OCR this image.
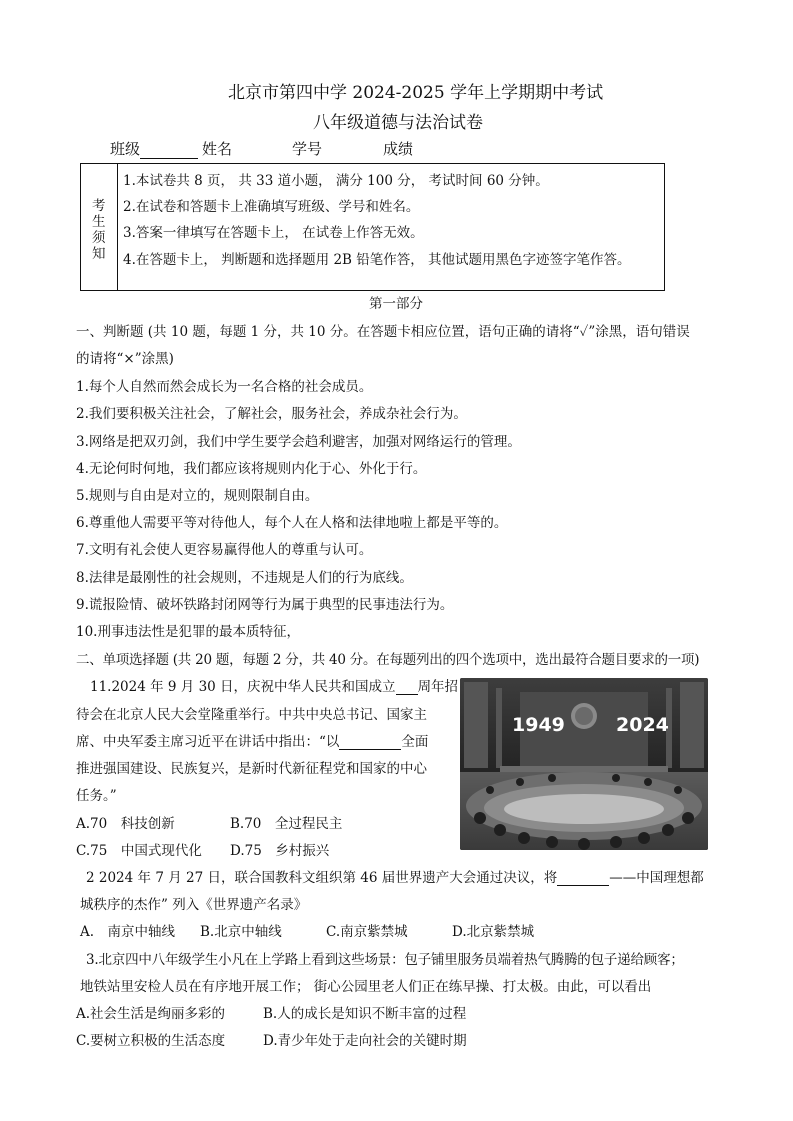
北京市第四中学 2024-2025 学年上学期期中考试
八年级道德与法治试卷
班级	姓名	学号	成绩
考生须知
1.本试卷共 8 页， 共 33 道小题， 满分 100 分， 考试时间 60 分钟。
2.在试卷和答题卡上准确填写班级、学号和姓名。
3.答案一律填写在答题卡上， 在试卷上作答无效。
4.在答题卡上， 判断题和选择题用 2B 铅笔作答， 其他试题用黑色字迹签字笔作答。
第一部分
一、判断题 (共 10 题，每题 1 分，共 10 分。在答题卡相应位置，语句正确的请将“✓”涂黑，语句错误
的请将“×”涂黑)
1.每个人自然而然会成长为一名合格的社会成员。
2.我们要积极关注社会，了解社会，服务社会，养成杂社会行为。
3.网络是把双刃剑，我们中学生要学会趋利避害，加强对网络运行的管理。
4.无论何时何地，我们都应该将规则内化于心、外化于行。
5.规则与自由是对立的，规则限制自由。
6.尊重他人需要平等对待他人，每个人在人格和法律地啦上都是平等的。
7.文明有礼会使人更容易赢得他人的尊重与认可。
8.法律是最刚性的社会规则，不违规是人们的行为底线。
9.谎报险情、破坏铁路封闭网等行为属于典型的民事违法行为。
10.刑事违法性是犯罪的最本质特征，
二、单项选择题 (共 20 题，每题 2 分，共 40 分。在每题列出的四个选项中，选出最符合题目要求的一项)
11.2024 年 9 月 30 日，庆祝中华人民共和国成立 周年招
待会在北京人民大会堂隆重举行。中共中央总书记、国家主
席、中央军委主席习近平在讲话中指出：“以	全面
推进强国建设、民族复兴，是新时代新征程党和国家的中心
任务。”
A.70　科技创新	B.70　全过程民主
C.75　中国式现代化 D.75　乡村振兴
1949	2024
2 2024 年 7 月 27 日，联合国教科文组织第 46 届世界遗产大会通过决议，将	——中国理想都
城秩序的杰作” 列入《世界遗产名录》
A.　南京中轴线 B.北京中轴线	C.南京紫禁城	D.北京紫禁城
3.北京四中八年级学生小凡在上学路上看到这些场景：包子铺里服务员端着热气腾腾的包子递给顾客；
地铁站里安检人员在有序地开展工作； 街心公园里老人们正在练早操、打太极。由此，可以看出
A.社会生活是绚丽多彩的	B.人的成长是知识不断丰富的过程
C.要树立积极的生活态度	D.青少年处于走向社会的关键时期
